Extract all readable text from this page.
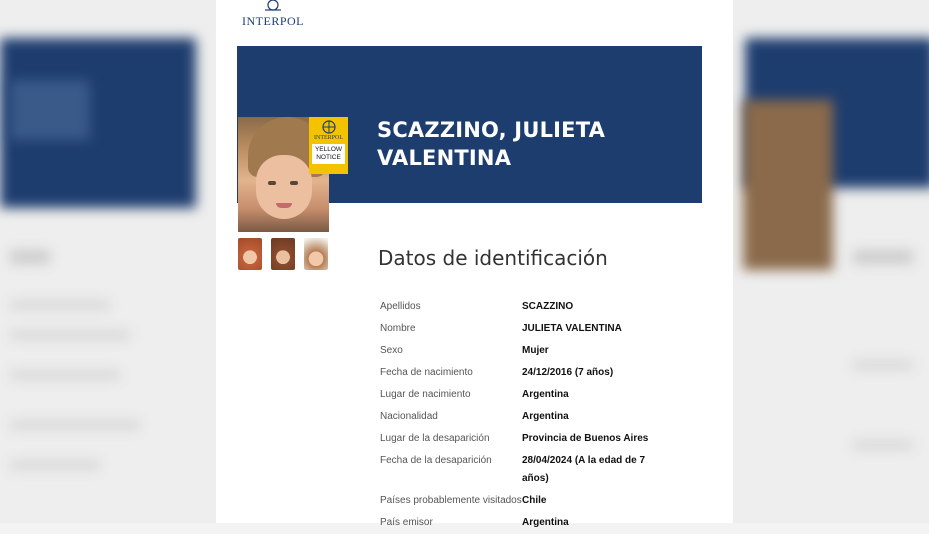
INTERPOL
SCAZZINO, JULIETA
VALENTINA
INTERPOL
YELLOW
NOTICE
Datos de identificación
Apellidos	SCAZZINO
Nombre	JULIETA VALENTINA
Sexo	Mujer
Fecha de nacimiento	24/12/2016 (7 años)
Lugar de nacimiento	Argentina
Nacionalidad	Argentina
Lugar de la desaparición	Provincia de Buenos Aires
Fecha de la desaparición	28/04/2024 (A la edad de 7 años)
Países probablemente visitados Chile
País emisor	Argentina
